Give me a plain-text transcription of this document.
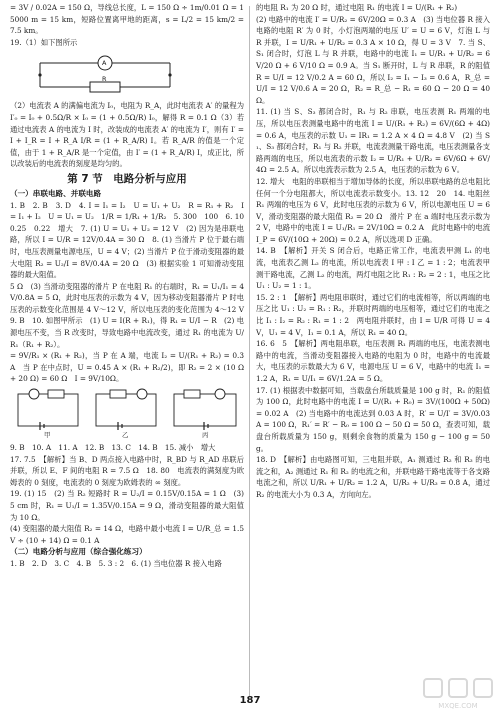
= 3V / 0.02A = 150 Ω，导线总长度，L = 150 Ω ÷ 1m/0.01 Ω = 15000 m = 15 km，短路位置离甲地的距离，s = L/2 = 15 km/2 = 7.5 km。

19.（1）如下图所示

A
R

（2）电流表 A 的满偏电流为 I₀，电阻为 R_A，此时电流表 A′ 的量程为 I′₀ = I₀ + 0.5Ω/R × I₀ = (1 + 0.5Ω/R) I₀，解得 R = 0.1 Ω（3）若通过电流表 A 的电流为 I 时，改装成的电流表 A′ 的电流为 I′，则有 I′ = I + I_R = I + R_A I/R = (1 + R_A/R) I。若 R_A/R 的值是一个定值，由于 1 + R_A/R 是一个定值，由 I′ = (1 + R_A/R) I，成正比，所以改装后的电流表的刻度是均匀的。

第 7 节　电路分析与应用

（一）串联电路、并联电路

1. B　2. B　3. D　4. I = I₁ = I₂　U = U₁ + U₂　R = R₁ + R₂　I = I₁ + I₂　U = U₁ = U₂　1/R = 1/R₁ + 1/R₂　5. 300　100　6. 10　0.25　0.22　增大　7. (1) U = U₁ + U₂ = 12 V　(2) 因为是串联电路，所以 I = U/R = 12V/0.4A = 30 Ω　8. (1) 当滑片 P 位于最右端时，电压表测量电源电压，U = 4 V；(2) 当滑片 P 位于滑动变阻器的最大电阻 R₂ = U₂/I = 8V/0.4A = 20 Ω　(3) 根据实验 1 可知滑动变阻器的最大阻值。

5 Ω　(3) 当滑动变阻器的滑片 P 在电阻 R₁ 的右端时，R₁ = U₁/I₁ = 4V/0.8A = 5 Ω，此时电压表的示数为 4 V，因为移动变阻器滑片 P 时电压表的示数变化范围是 4 V～12 V，所以电压表的变化范围为 4～12 V　9. B　10. 如图甲所示　(1) U = I(R + R₁)，得 R₁ = U/I − R　(2) 电源电压不变，当 R 改变时，导致电路中电流改变，通过 R₁ 的电流为 U/R₁（R₁ + R₂）。

= 9V/R₁ × (R₁ + R₂)，当 P 在 A 端，电流 I₂ = U/(R₁ + R₂) = 0.3 A　当 P 在中点时，U = 0.45 A × (R₁ + R₂/2)，即 R₂ = 2 × (10 Ω + 20 Ω) = 60 Ω　I = 9V/10Ω。

甲	乙	丙

9. B　10. A　11. A　12. B　13. C　14. B　15. 减小　增大

17. 7.5　【解析】当 B、D 两点接入电路中时，R_BD 与 R_AD 串联后并联，所以 E、F 间的电阻 R = 7.5 Ω　18. 80　电流表的满刻度为欧姆表的 0 刻度，电流表的 0 刻度为欧姆表的 ∞ 刻度。

19. (1) 15　(2) 当 R₂ 短路时 R = U₂/I = 0.15V/0.15A = 1 Ω　(3) 5 cm 时，R₁ = U₁/I = 1.35V/0.15A = 9 Ω，滑动变阻器的最大阻值为 10 Ω。

(4) 变阻器的最大阻值 R₂ = 14 Ω，电路中最小电流 I = U/R_总 = 1.5 V ÷ (10 + 14) Ω = 0.1 A

（二）电路分析与应用（综合强化练习）

1. B　2. D　3. C　4. B　5. 3 : 2　6. (1) 当电位器 R 接入电路

的电阻 R₁ 为 20 Ω 时，通过电阻 R₁ 的电流 I = U/(R₁ + R₂)

(2) 电路中的电流 I′ = U/R₂ = 6V/20Ω = 0.3 A　(3) 当电位器 R 接入电路的电阻 R′ 为 0 时，小灯泡两端的电压 U′ = U = 6 V，灯泡 L 与 R 并联，I = U/R₁ + U/R₂ = 0.3 A × 10 Ω，得 U = 3 V　7. 当 S、S₁ 闭合时，灯泡 L 与 R 并联，电路中的电流 I₁ = U/R₁ + U/R₂ = 6 V/20 Ω + 6 V/10 Ω = 0.9 A。当 S₁ 断开时，L 与 R 串联，R 的阻值 R = U/I = 12 V/0.2 A = 60 Ω，所以 I₂ = I₁ − I₃ = 0.6 A，R_总 = U/I = 12 V/0.6 A = 20 Ω，R₂ = R_总 − R₁ = 60 Ω − 20 Ω = 40 Ω。

11. (1) 当 S、S₃ 都闭合时，R₁ 与 R₂ 串联，电压表测 R₁ 两端的电压，所以电压表测量电路中的电流 I = U/(R₁ + R₂) = 6V/(6Ω + 4Ω) = 0.6 A，电压表的示数 U₁ = IR₁ = 1.2 A × 4 Ω = 4.8 V　(2) 当 S₁、S₃ 都闭合时，R₁ 与 R₂ 并联，电流表测量干路电流，电压表测量各支路两端的电压，所以电流表的示数 I₂ = U/R₁ + U/R₂ = 6V/6Ω + 6V/4Ω = 2.5 A。所以电流表示数为 2.5 A，电压表的示数为 6 V。

12. 增大　电阻的串联相当于增加导体的长度，所以串联电路的总电阻比任何一个分电阻都大，所以电流表示数变小。13. 12　20　14. 电阻丝 R₁ 两端的电压为 6 V，此时电压表的示数为 6 V，所以电源电压 U = 6 V，滑动变阻器的最大阻值 R₂ = 20 Ω　滑片 P 在 a 端时电压表示数为 2 V，电路中的电流 I = U₁/R₁ = 2V/10Ω = 0.2 A　此时电路中的电流 I_P = 6V/(10Ω + 20Ω) = 0.2 A，所以选项 D 正确。

14. B　【解析】开关 S 闭合后，电路正常工作，电流表甲测 L₁ 的电流，电流表乙测 L₂ 的电流，所以电流表 I 甲 : I 乙 = 1 : 2；电流表甲测干路电流，乙测 L₂ 的电流，两灯电阻之比 R₁ : R₂ = 2 : 1，电压之比 U₁ : U₂ = 1 : 1。

15. 2 : 1　【解析】两电阻串联时，通过它们的电流相等，所以两端的电压之比 U₁ : U₂ = R₁ : R₂，并联时两端的电压相等，通过它们的电流之比 I₁ : I₂ = R₂ : R₁ = 1 : 2　两电阻并联时，由 I = U/R 可得 U = 4 V，U₁ = 4 V，I₁ = 0.1 A，所以 R₁ = 40 Ω。

16. 6　5　【解析】两电阻串联，电压表测 R₁ 两端的电压，电流表测电路中的电流，当滑动变阻器接入电路的电阻为 0 时，电路中的电流最大，电压表的示数最大为 6 V，电源电压 U = 6 V，电路中的电流 I₁ = 1.2 A，R₁ = U/I₁ = 6V/1.2A = 5 Ω。

17. (1) 根据表中数据可知，当载盘台所载质量是 100 g 时，R₁ 的阻值为 100 Ω，此时电路中的电流 I = U/(R₁ + R₀) = 3V/(100Ω + 50Ω) = 0.02 A　(2) 当电路中的电流达到 0.03 A 时，R′ = U/I′ = 3V/0.03A = 100 Ω，R₁′ = R′ − R₀ = 100 Ω − 50 Ω = 50 Ω，查表可知，载盘台所载质量为 150 g，则剩余食物的质量为 150 g − 100 g = 50 g。

18. D　【解析】由电路图可知，三电阻并联，A₁ 测通过 R₂ 和 R₃ 的电流之和，A₂ 测通过 R₁ 和 R₂ 的电流之和，并联电路干路电流等于各支路电流之和，所以 U/R₁ + U/R₂ = 1.2 A，U/R₂ + U/R₃ = 0.8 A，通过 R₂ 的电流大小为 0.3 A，方向向左。

187	MXQE.COM
